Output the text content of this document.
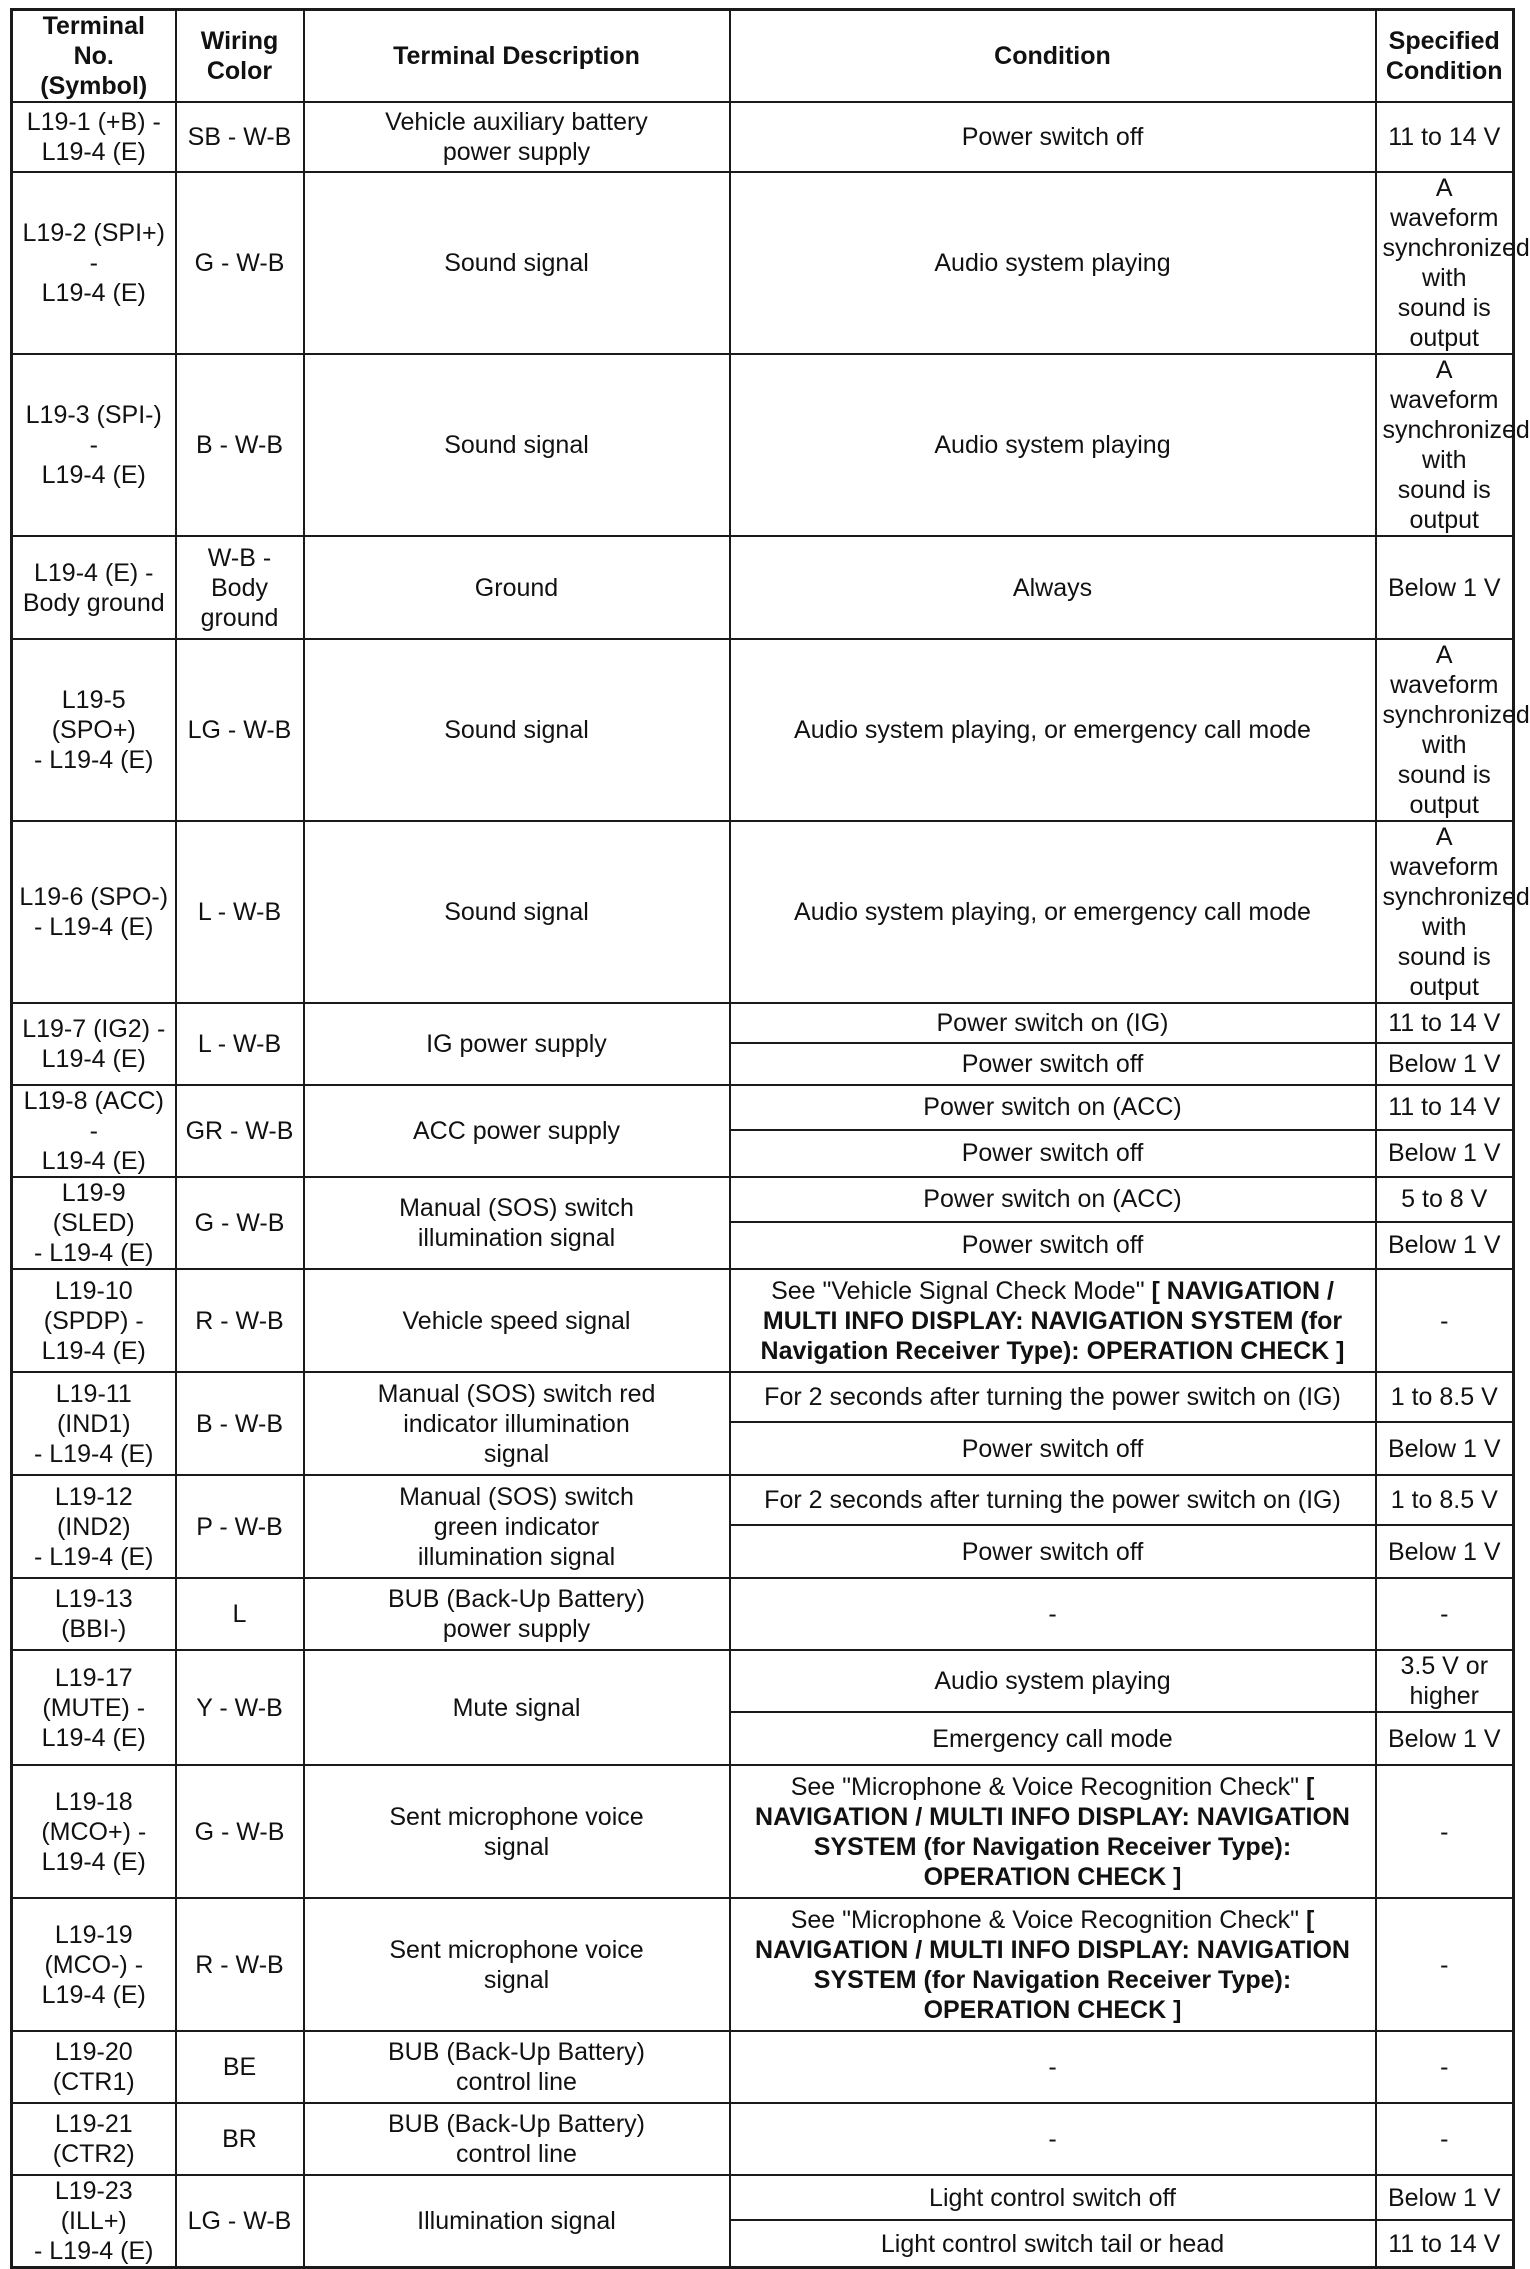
Terminal No.
(Symbol)	Wiring
Color	Terminal Description	Condition	Specified Condition
L19-1 (+B) -
L19-4 (E)	SB - W-B	Vehicle auxiliary battery
power supply	Power switch off	11 to 14 V
L19-2 (SPI+) -
L19-4 (E)	G - W-B	Sound signal	Audio system playing	A waveform
synchronized with
sound is output
L19-3 (SPI-) -
L19-4 (E)	B - W-B	Sound signal	Audio system playing	A waveform
synchronized with
sound is output
L19-4 (E) -
Body ground	W-B -
Body
ground	Ground	Always	Below 1 V
L19-5 (SPO+)
- L19-4 (E)	LG - W-B	Sound signal	Audio system playing, or emergency call mode	A waveform
synchronized with
sound is output
L19-6 (SPO-)
- L19-4 (E)	L - W-B	Sound signal	Audio system playing, or emergency call mode	A waveform
synchronized with
sound is output
L19-7 (IG2) -
L19-4 (E)	L - W-B	IG power supply	Power switch on (IG)	11 to 14 V
			Power switch off	Below 1 V
L19-8 (ACC) -
L19-4 (E)	GR - W-B	ACC power supply	Power switch on (ACC)	11 to 14 V
			Power switch off	Below 1 V
L19-9 (SLED)
- L19-4 (E)	G - W-B	Manual (SOS) switch
illumination signal	Power switch on (ACC)	5 to 8 V
			Power switch off	Below 1 V
L19-10
(SPDP) -
L19-4 (E)	R - W-B	Vehicle speed signal	See "Vehicle Signal Check Mode" [ NAVIGATION /
MULTI INFO DISPLAY: NAVIGATION SYSTEM (for
Navigation Receiver Type): OPERATION CHECK ]	-
L19-11 (IND1)
- L19-4 (E)	B - W-B	Manual (SOS) switch red
indicator illumination
signal	For 2 seconds after turning the power switch on (IG)	1 to 8.5 V
			Power switch off	Below 1 V
L19-12 (IND2)
- L19-4 (E)	P - W-B	Manual (SOS) switch
green indicator
illumination signal	For 2 seconds after turning the power switch on (IG)	1 to 8.5 V
			Power switch off	Below 1 V
L19-13 (BBI-)	L	BUB (Back-Up Battery)
power supply	-	-
L19-17
(MUTE) -
L19-4 (E)	Y - W-B	Mute signal	Audio system playing	3.5 V or higher
			Emergency call mode	Below 1 V
L19-18
(MCO+) -
L19-4 (E)	G - W-B	Sent microphone voice
signal	See "Microphone & Voice Recognition Check" [
NAVIGATION / MULTI INFO DISPLAY: NAVIGATION
SYSTEM (for Navigation Receiver Type):
OPERATION CHECK ]	-
L19-19
(MCO-) -
L19-4 (E)	R - W-B	Sent microphone voice
signal	See "Microphone & Voice Recognition Check" [
NAVIGATION / MULTI INFO DISPLAY: NAVIGATION
SYSTEM (for Navigation Receiver Type):
OPERATION CHECK ]	-
L19-20
(CTR1)	BE	BUB (Back-Up Battery)
control line	-	-
L19-21
(CTR2)	BR	BUB (Back-Up Battery)
control line	-	-
L19-23 (ILL+)
- L19-4 (E)	LG - W-B	Illumination signal	Light control switch off	Below 1 V
			Light control switch tail or head	11 to 14 V
